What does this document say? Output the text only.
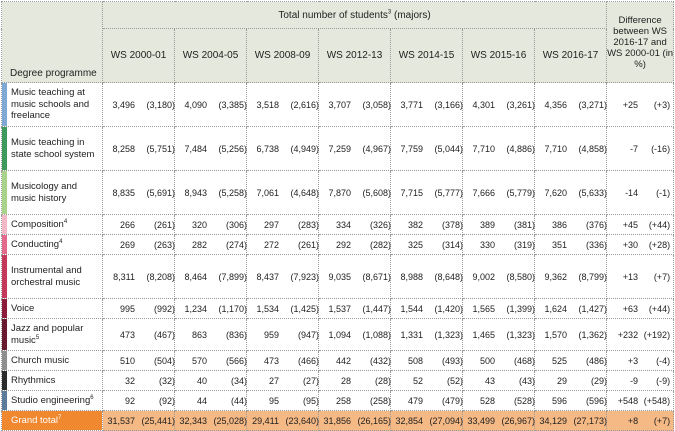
Degree programme	Total number of students$^3$ (majors)							Difference between WS 2016-17 and WS 2000-01 (in %)
	WS 2000-01	WS 2004-05	WS 2008-09	WS 2012-13	WS 2014-15	WS 2015-16	WS 2016-17	

Music teaching at music schools and freelance	3,496 (3,180)	4,090 (3,385)	3,518 (2,616)	3,707 (3,058)	3,771 (3,166)	4,301 (3,261)	4,356 (3,271)	+25 (+3)

Music teaching in state school system	8,258 (5,751)	7,484 (5,256)	6,738 (4,949)	7,259 (4,967)	7,759 (5,044)	7,710 (4,886)	7,710 (4,858)	-7 (-16)

Musicology and music history	8,835 (5,691)	8,943 (5,258)	7,061 (4,648)	7,870 (5,608)	7,715 (5,777)	7,666 (5,779)	7,620 (5,633)	-14 (-1)

Composition$^4$	266 (261)	320 (306)	297 (283)	334 (326)	382 (378)	389 (381)	386 (376)	+45 (+44)

Conducting$^4$	269 (263)	282 (274)	272 (261)	292 (282)	325 (314)	330 (319)	351 (336)	+30 (+28)

Instrumental and orchestral music	8,311 (8,208)	8,464 (7,899)	8,437 (7,923)	9,035 (8,671)	8,988 (8,648)	9,002 (8,580)	9,362 (8,799)	+13 (+7)

Voice	995 (992)	1,234 (1,170)	1,534 (1,425)	1,537 (1,447)	1,544 (1,420)	1,565 (1,399)	1,624 (1,427)	+63 (+44)

Jazz and popular music$^5$	473 (467)	863 (836)	959 (947)	1,094 (1,088)	1,331 (1,323)	1,465 (1,323)	1,570 (1,362)	+232 (+192)

Church music	510 (504)	570 (566)	473 (466)	442 (432)	508 (493)	500 (468)	525 (486)	+3 (-4)

Rhythmics	32 (32)	40 (34)	27 (27)	28 (28)	52 (52)	43 (43)	29 (29)	-9 (-9)

Studio engineering$^6$	92 (92)	44 (44)	95 (95)	258 (258)	479 (479)	528 (528)	596 (596)	+548 (+548)
Grand total$^7$	31,537 (25,441)	32,343 (25,028)	29,411 (23,640)	31,856 (26,165)	32,854 (27,094)	33,499 (26,967)	34,129 (27,173)	+8 (+7)
